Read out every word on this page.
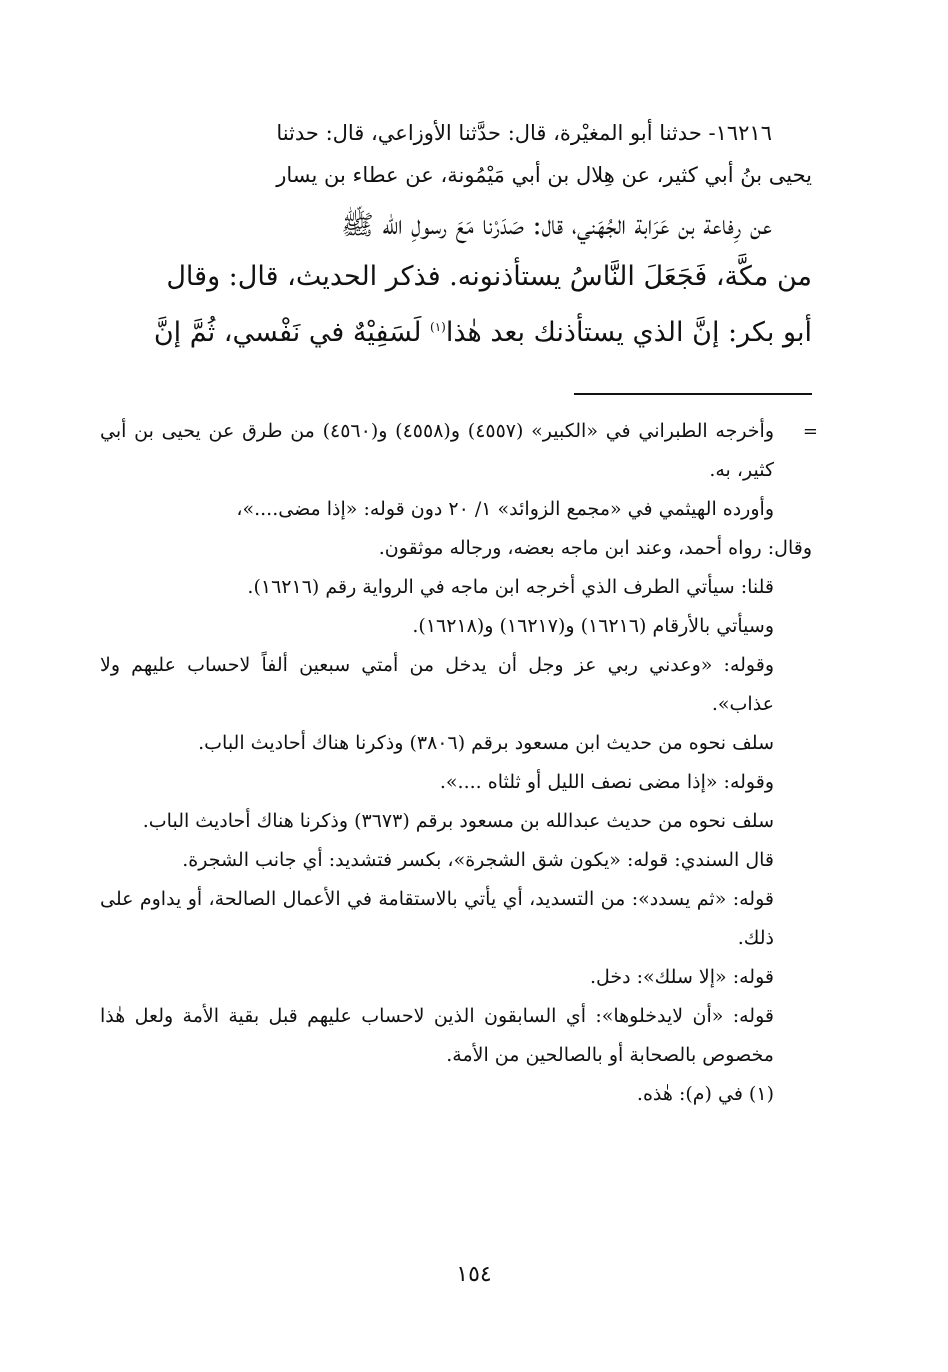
١٦٢١٦- حدثنا أبو المغيْرة، قال: حدَّثنا الأوزاعي، قال: حدثنا
يحيى بنُ أبي كثير، عن هِلال بن أبي مَيْمُونة، عن عطاء بن يسار

عن رِفاعة بن عَرَابة الجُهَني، قال: صَدَرْنا مَعَ رسولِ الله ﷺ
من مكَّة، فَجَعَلَ النَّاسُ يستأذنونه. فذكر الحديث، قال: وقال
أبو بكر: إنَّ الذي يستأذنك بعد هٰذا$^{(١)}$ لَسَفِيْهٌ في نَفْسي، ثُمَّ إنَّ

=

وأخرجه الطبراني في «الكبير» (٤٥٥٧) و(٤٥٥٨) و(٤٥٦٠) من طرق عن يحيى بن أبي كثير، به.

وأورده الهيثمي في «مجمع الزوائد» ١/ ٢٠ دون قوله: «إذا مضى....»،

وقال: رواه أحمد، وعند ابن ماجه بعضه، ورجاله موثقون.

قلنا: سيأتي الطرف الذي أخرجه ابن ماجه في الرواية رقم (١٦٢١٦).

وسيأتي بالأرقام (١٦٢١٦) و(١٦٢١٧) و(١٦٢١٨).

وقوله: «وعدني ربي عز وجل أن يدخل من أمتي سبعين ألفاً لاحساب عليهم ولا عذاب».

سلف نحوه من حديث ابن مسعود برقم (٣٨٠٦) وذكرنا هناك أحاديث الباب.

وقوله: «إذا مضى نصف الليل أو ثلثاه ....».

سلف نحوه من حديث عبدالله بن مسعود برقم (٣٦٧٣) وذكرنا هناك أحاديث الباب.

قال السندي: قوله: «يكون شق الشجرة»، بكسر فتشديد: أي جانب الشجرة.

قوله: «ثم يسدد»: من التسديد، أي يأتي بالاستقامة في الأعمال الصالحة، أو يداوم على ذلك.

قوله: «إلا سلك»: دخل.

قوله: «أن لايدخلوها»: أي السابقون الذين لاحساب عليهم قبل بقية الأمة ولعل هٰذا مخصوص بالصحابة أو بالصالحين من الأمة.

(١) في (م): هٰذه.

١٥٤
